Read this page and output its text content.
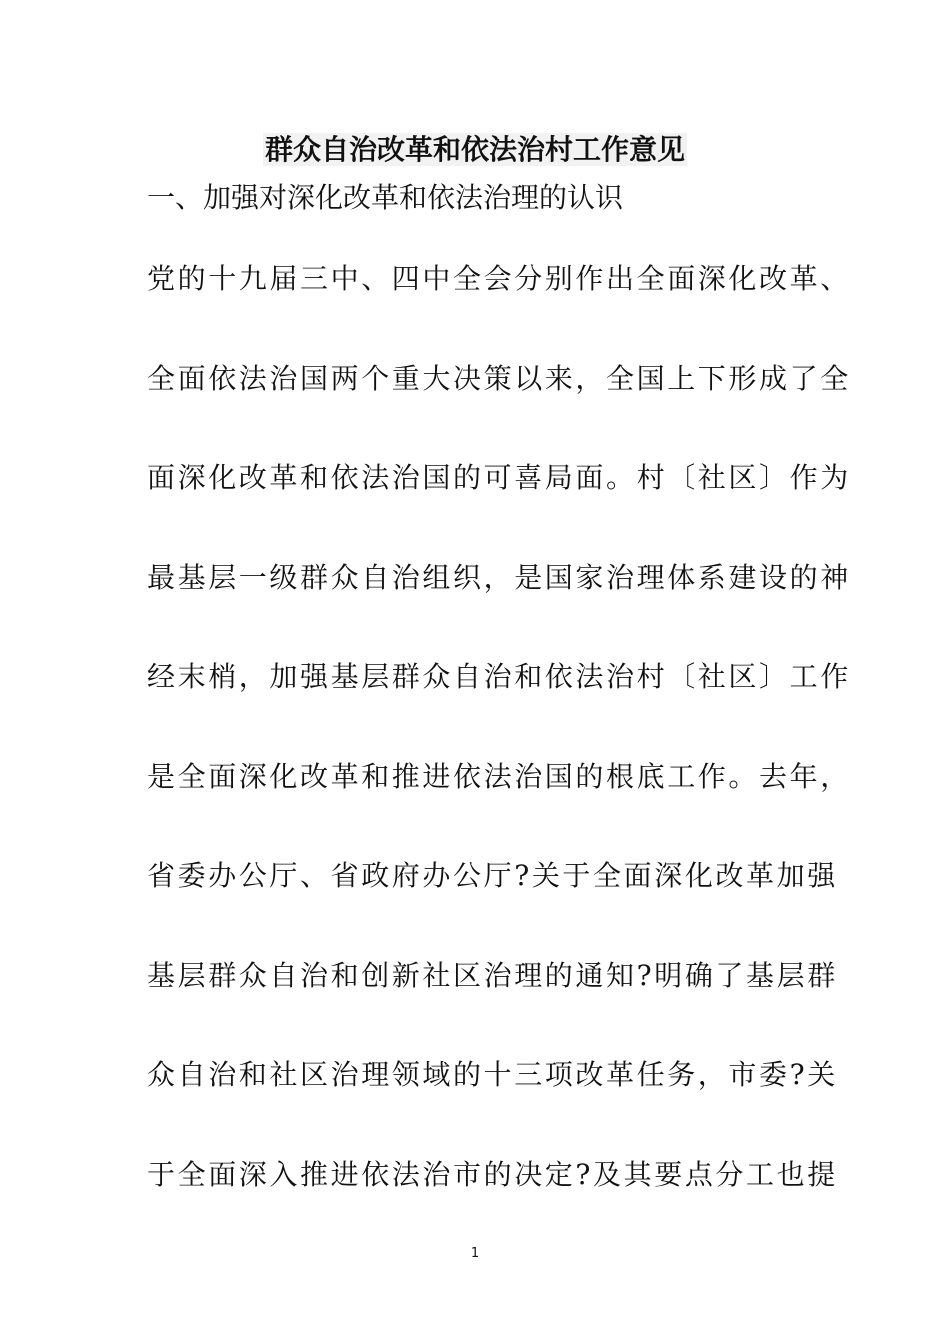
群众自治改革和依法治村工作意见
一、加强对深化改革和依法治理的认识
党的十九届三中、四中全会分别作出全面深化改革、
全面依法治国两个重大决策以来，全国上下形成了全
面深化改革和依法治国的可喜局面。村〔社区〕作为
最基层一级群众自治组织，是国家治理体系建设的神
经末梢，加强基层群众自治和依法治村〔社区〕工作
是全面深化改革和推进依法治国的根底工作。去年，
省委办公厅、省政府办公厅?关于全面深化改革加强
基层群众自治和创新社区治理的通知?明确了基层群
众自治和社区治理领域的十三项改革任务，市委?关
于全面深入推进依法治市的决定?及其要点分工也提
1
